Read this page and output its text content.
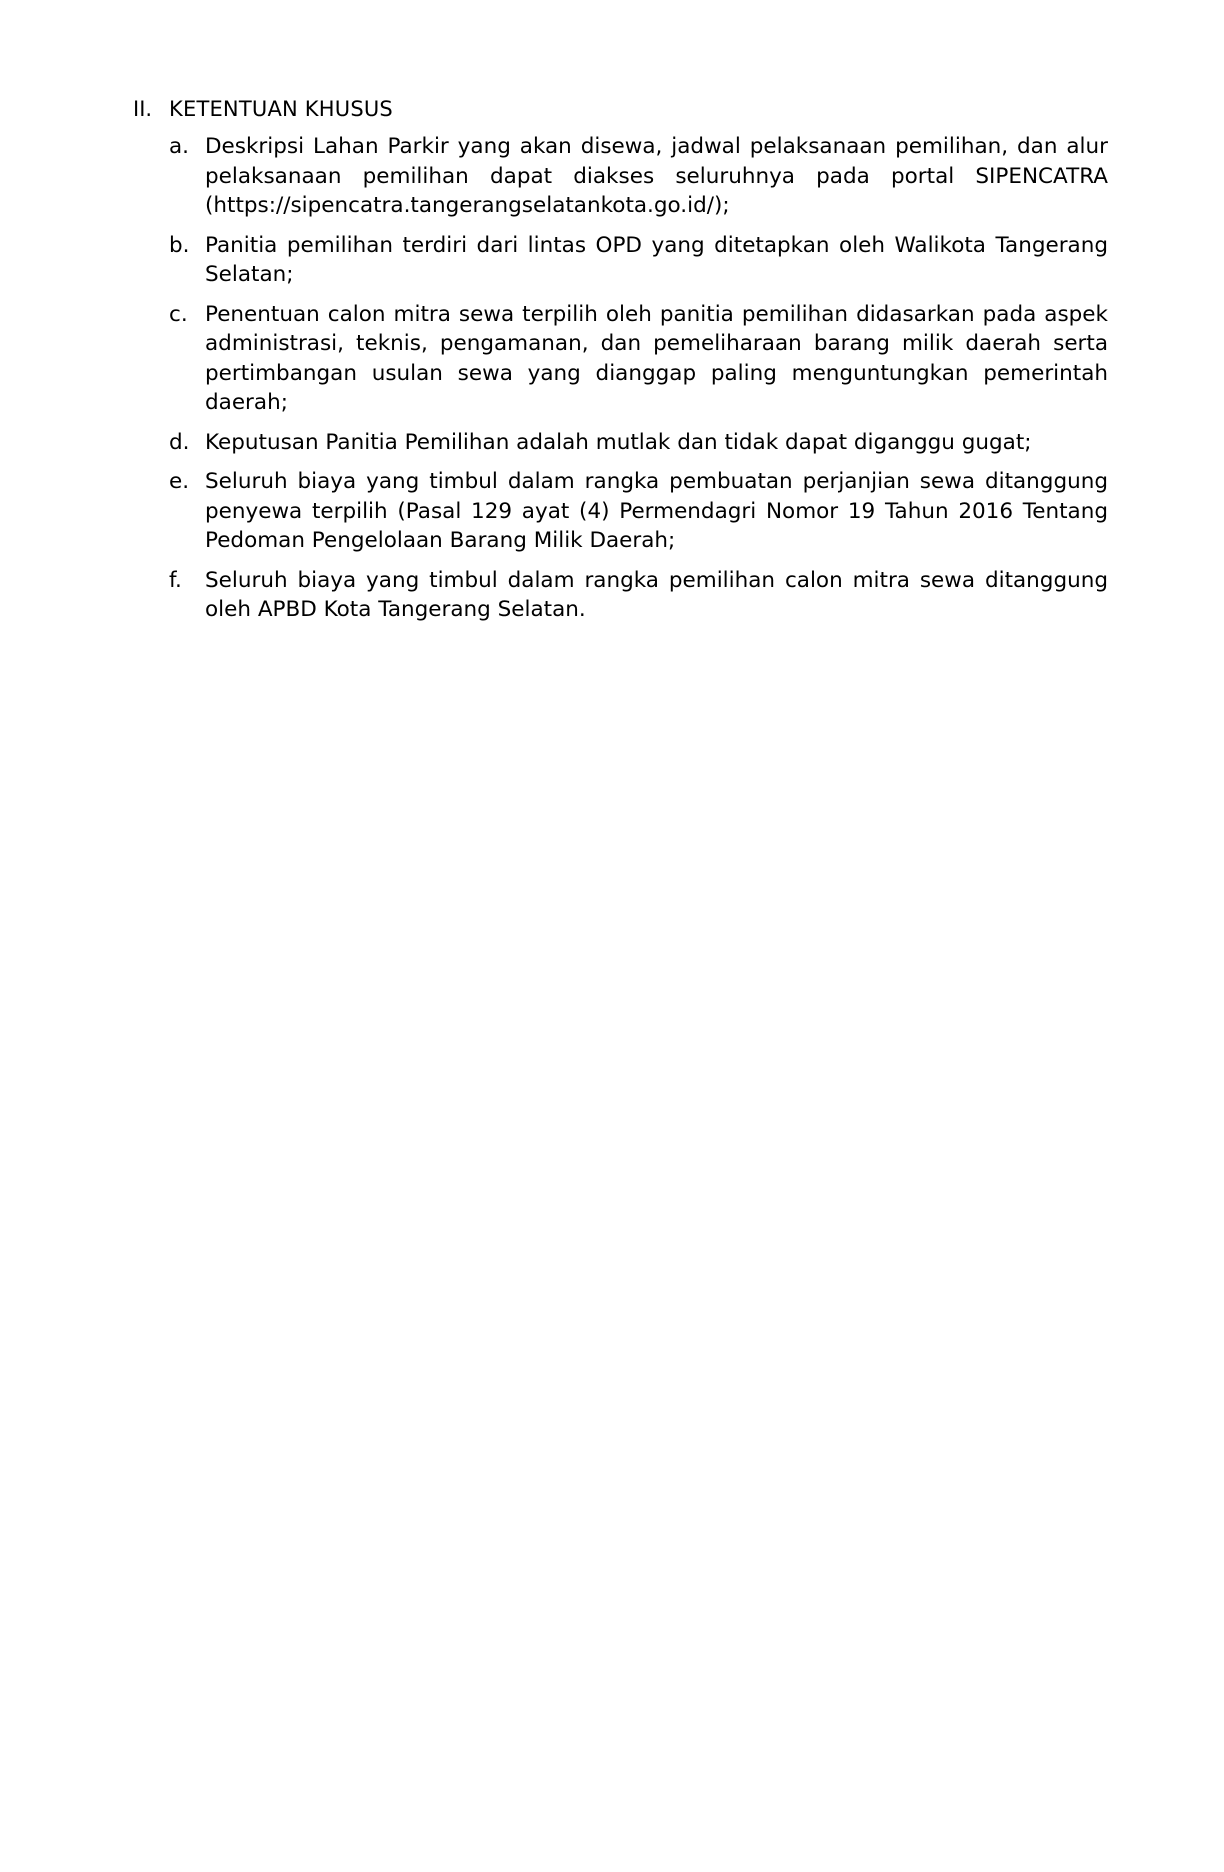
II. KETENTUAN KHUSUS
a. Deskripsi Lahan Parkir yang akan disewa, jadwal pelaksanaan pemilihan, dan alur pelaksanaan pemilihan dapat diakses seluruhnya pada portal SIPENCATRA (https://sipencatra.tangerangselatankota.go.id/);
b. Panitia pemilihan terdiri dari lintas OPD yang ditetapkan oleh Walikota Tangerang Selatan;
c. Penentuan calon mitra sewa terpilih oleh panitia pemilihan didasarkan pada aspek administrasi, teknis, pengamanan, dan pemeliharaan barang milik daerah serta pertimbangan usulan sewa yang dianggap paling menguntungkan pemerintah daerah;
d. Keputusan Panitia Pemilihan adalah mutlak dan tidak dapat diganggu gugat;
e. Seluruh biaya yang timbul dalam rangka pembuatan perjanjian sewa ditanggung penyewa terpilih (Pasal 129 ayat (4) Permendagri Nomor 19 Tahun 2016 Tentang Pedoman Pengelolaan Barang Milik Daerah;
f.	Seluruh biaya yang timbul dalam rangka pemilihan calon mitra sewa ditanggung oleh APBD Kota Tangerang Selatan.
